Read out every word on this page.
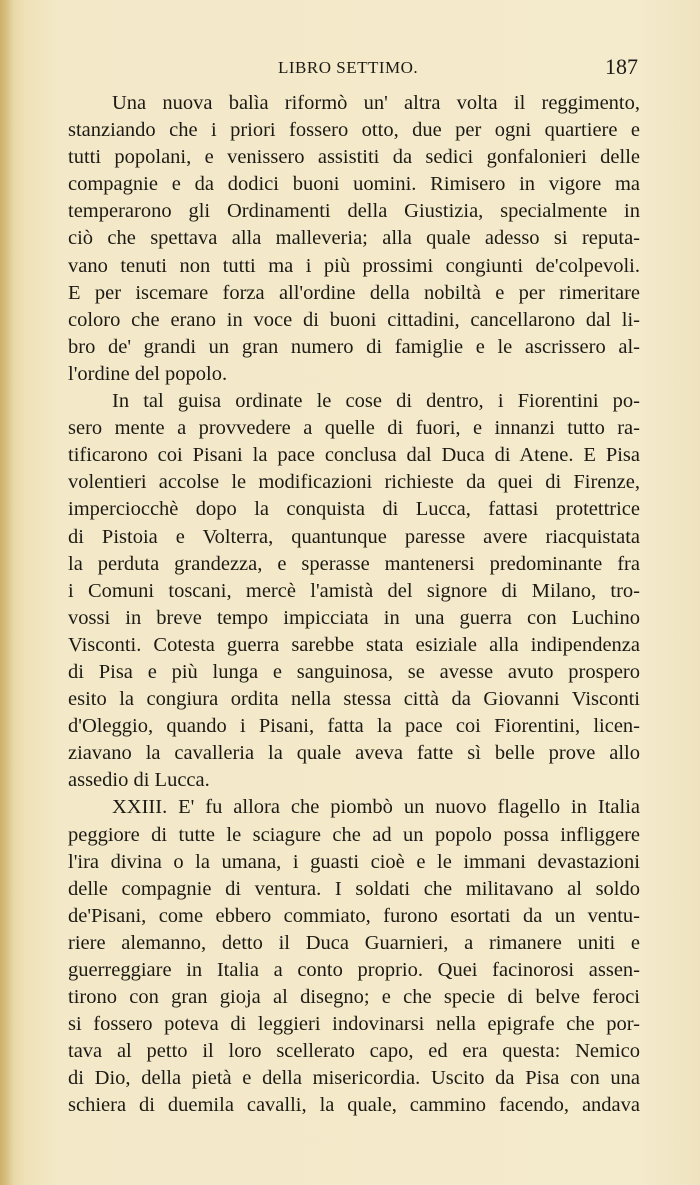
LIBRO SETTIMO.	187
Una nuova balìa riformò un' altra volta il reggimento,
stanziando che i priori fossero otto, due per ogni quartiere e
tutti popolani, e venissero assistiti da sedici gonfalonieri delle
compagnie e da dodici buoni uomini. Rimisero in vigore ma
temperarono gli Ordinamenti della Giustizia, specialmente in
ciò che spettava alla malleveria; alla quale adesso si reputa-
vano tenuti non tutti ma i più prossimi congiunti de'colpevoli.
E per iscemare forza all'ordine della nobiltà e per rimeritare
coloro che erano in voce di buoni cittadini, cancellarono dal li-
bro de' grandi un gran numero di famiglie e le ascrissero al-
l'ordine del popolo.
In tal guisa ordinate le cose di dentro, i Fiorentini po-
sero mente a provvedere a quelle di fuori, e innanzi tutto ra-
tificarono coi Pisani la pace conclusa dal Duca di Atene. E Pisa
volentieri accolse le modificazioni richieste da quei di Firenze,
imperciocchè dopo la conquista di Lucca, fattasi protettrice
di Pistoia e Volterra, quantunque paresse avere riacquistata
la perduta grandezza, e sperasse mantenersi predominante fra
i Comuni toscani, mercè l'amistà del signore di Milano, tro-
vossi in breve tempo impicciata in una guerra con Luchino
Visconti. Cotesta guerra sarebbe stata esiziale alla indipendenza
di Pisa e più lunga e sanguinosa, se avesse avuto prospero
esito la congiura ordita nella stessa città da Giovanni Visconti
d'Oleggio, quando i Pisani, fatta la pace coi Fiorentini, licen-
ziavano la cavalleria la quale aveva fatte sì belle prove allo
assedio di Lucca.
XXIII. E' fu allora che piombò un nuovo flagello in Italia
peggiore di tutte le sciagure che ad un popolo possa infliggere
l'ira divina o la umana, i guasti cioè e le immani devastazioni
delle compagnie di ventura. I soldati che militavano al soldo
de'Pisani, come ebbero commiato, furono esortati da un ventu-
riere alemanno, detto il Duca Guarnieri, a rimanere uniti e
guerreggiare in Italia a conto proprio. Quei facinorosi assen-
tirono con gran gioja al disegno; e che specie di belve feroci
si fossero poteva di leggieri indovinarsi nella epigrafe che por-
tava al petto il loro scellerato capo, ed era questa: Nemico
di Dio, della pietà e della misericordia. Uscito da Pisa con una
schiera di duemila cavalli, la quale, cammino facendo, andava
